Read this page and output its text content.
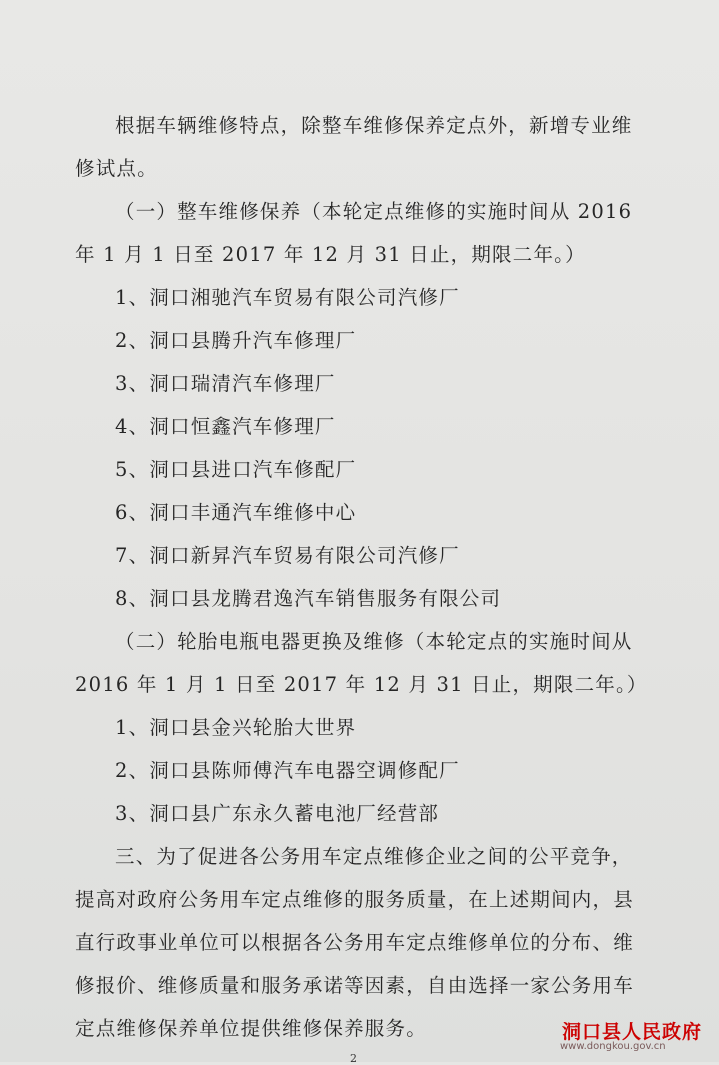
根据车辆维修特点，除整车维修保养定点外，新增专业维
修试点。
（一）整车维修保养（本轮定点维修的实施时间从 2016
年 1 月 1 日至 2017 年 12 月 31 日止，期限二年。）
1、洞口湘驰汽车贸易有限公司汽修厂
2、洞口县腾升汽车修理厂
3、洞口瑞清汽车修理厂
4、洞口恒鑫汽车修理厂
5、洞口县进口汽车修配厂
6、洞口丰通汽车维修中心
7、洞口新昇汽车贸易有限公司汽修厂
8、洞口县龙腾君逸汽车销售服务有限公司
（二）轮胎电瓶电器更换及维修（本轮定点的实施时间从
2016 年 1 月 1 日至 2017 年 12 月 31 日止，期限二年。）
1、洞口县金兴轮胎大世界
2、洞口县陈师傅汽车电器空调修配厂
3、洞口县广东永久蓄电池厂经营部
三、为了促进各公务用车定点维修企业之间的公平竞争，
提高对政府公务用车定点维修的服务质量，在上述期间内，县
直行政事业单位可以根据各公务用车定点维修单位的分布、维
修报价、维修质量和服务承诺等因素，自由选择一家公务用车
定点维修保养单位提供维修保养服务。	洞口县人民政府
www.dongkou.gov.cn
2
